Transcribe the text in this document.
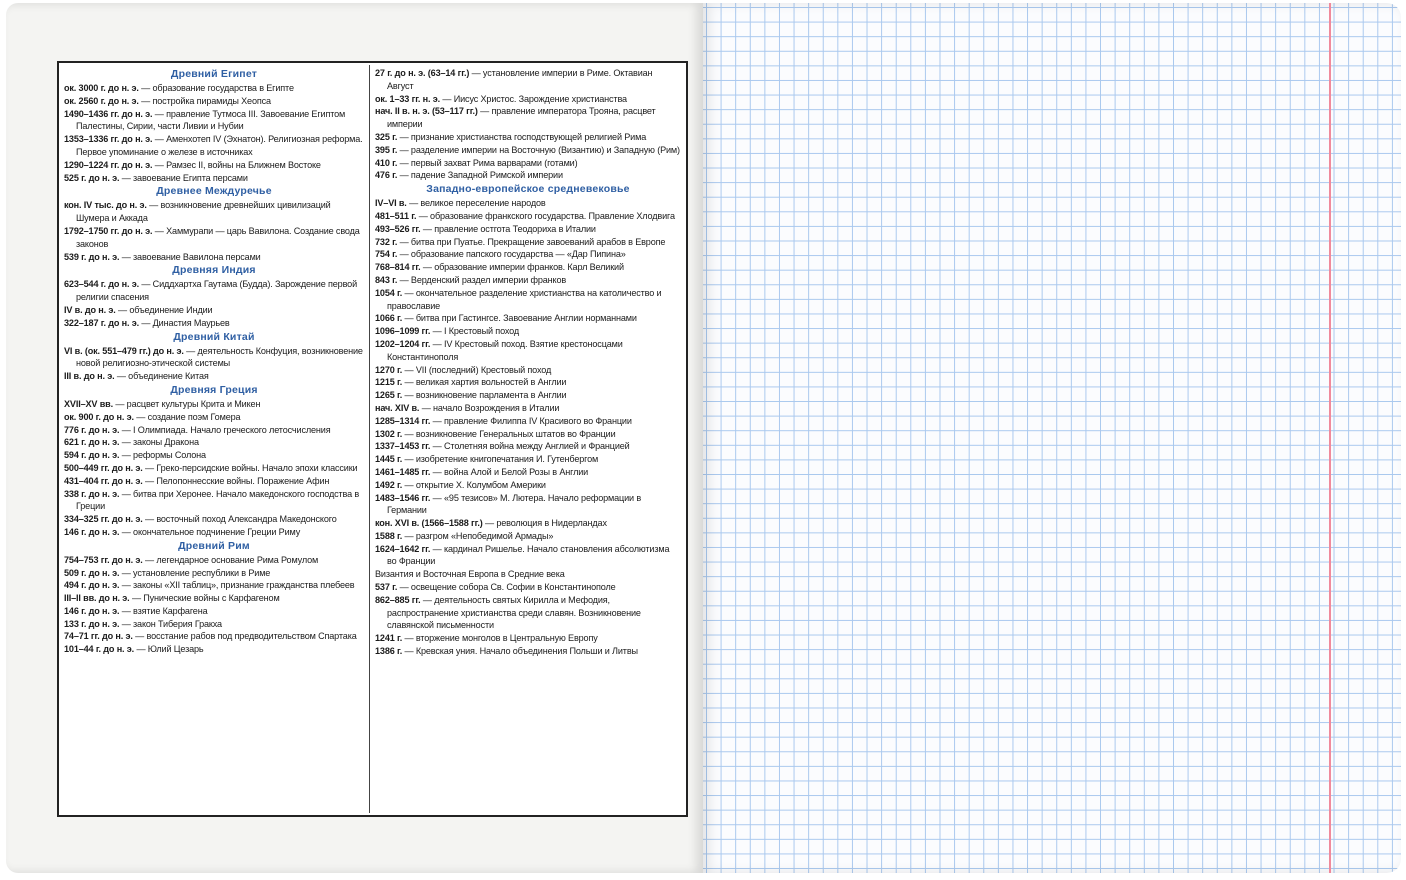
Древний Египет

ок. 3000 г. до н. э. — образование государства в Египте

ок. 2560 г. до н. э. — постройка пирамиды Хеопса

1490–1436 гг. до н. э. — правление Тутмоса III. Завоевание Египтом Палестины, Сирии, части Ливии и Нубии

1353–1336 гг. до н. э. — Аменхотеп IV (Эхнатон). Религиозная реформа. Первое упоминание о железе в источниках

1290–1224 гг. до н. э. — Рамзес II, войны на Ближнем Востоке

525 г. до н. э. — завоевание Египта персами

Древнее Междуречье

кон. IV тыс. до н. э. — возникновение древнейших цивилизаций Шумера и Аккада

1792–1750 гг. до н. э. — Хаммурапи — царь Вавилона. Создание свода законов

539 г. до н. э. — завоевание Вавилона персами

Древняя Индия

623–544 г. до н. э. — Сиддхартха Гаутама (Будда). Зарождение первой религии спасения

IV в. до н. э. — объединение Индии

322–187 г. до н. э. — Династия Маурьев

Древний Китай

VI в. (ок. 551–479 гг.) до н. э. — деятельность Конфуция, возникновение новой религиозно-этической системы

III в. до н. э. — объединение Китая

Древняя Греция

XVII–XV вв. — расцвет культуры Крита и Микен

ок. 900 г. до н. э. — создание поэм Гомера

776 г. до н. э. — I Олимпиада. Начало греческого летосчисления

621 г. до н. э. — законы Дракона

594 г. до н. э. — реформы Солона

500–449 гг. до н. э. — Греко-персидские войны. Начало эпохи классики

431–404 гг. до н. э. — Пелопоннесские войны. Поражение Афин

338 г. до н. э. — битва при Херонее. Начало македонского господства в Греции

334–325 гг. до н. э. — восточный поход Александра Македонского

146 г. до н. э. — окончательное подчинение Греции Риму

Древний Рим

754–753 гг. до н. э. — легендарное основание Рима Ромулом

509 г. до н. э. — установление республики в Риме

494 г. до н. э. — законы «XII таблиц», признание гражданства плебеев

III–II вв. до н. э. — Пунические войны с Карфагеном

146 г. до н. э. — взятие Карфагена

133 г. до н. э. — закон Тиберия Гракха

74–71 гг. до н. э. — восстание рабов под предводительством Спартака

101–44 г. до н. э. — Юлий Цезарь

27 г. до н. э. (63–14 гг.) — установление империи в Риме. Октавиан Август

ок. 1–33 гг. н. э. — Иисус Христос. Зарождение христианства

нач. II в. н. э. (53–117 гг.) — правление императора Трояна, расцвет империи

325 г. — признание христианства господствующей религией Рима

395 г. — разделение империи на Восточную (Византию) и Западную (Рим)

410 г. — первый захват Рима варварами (готами)

476 г. — падение Западной Римской империи

Западно-европейское средневековье

IV–VI в. — великое переселение народов

481–511 г. — образование франкского государства. Правление Хлодвига

493–526 гг. — правление остгота Теодориха в Италии

732 г. — битва при Пуатье. Прекращение завоеваний арабов в Европе

754 г. — образование папского государства — «Дар Пипина»

768–814 гг. — образование империи франков. Карл Великий

843 г. — Верденский раздел империи франков

1054 г. — окончательное разделение христианства на католичество и православие

1066 г. — битва при Гастингсе. Завоевание Англии норманнами

1096–1099 гг. — I Крестовый поход

1202–1204 гг. — IV Крестовый поход. Взятие крестоносцами Константинополя

1270 г. — VII (последний) Крестовый поход

1215 г. — великая хартия вольностей в Англии

1265 г. — возникновение парламента в Англии

нач. XIV в. — начало Возрождения в Италии

1285–1314 гг. — правление Филиппа IV Красивого во Франции

1302 г. — возникновение Генеральных штатов во Франции

1337–1453 гг. — Столетняя война между Англией и Францией

1445 г. — изобретение книгопечатания И. Гутенбергом

1461–1485 гг. — война Алой и Белой Розы в Англии

1492 г. — открытие Х. Колумбом Америки

1483–1546 гг. — «95 тезисов» М. Лютера. Начало реформации в Германии

кон. XVI в. (1566–1588 гг.) — революция в Нидерландах

1588 г. — разгром «Непобедимой Армады»

1624–1642 гг. — кардинал Ришелье. Начало становления абсолютизма во Франции

Византия и Восточная Европа в Средние века

537 г. — освещение собора Св. Софии в Константинополе

862–885 гг. — деятельность святых Кирилла и Мефодия, распространение христианства среди славян. Возникновение славянской письменности

1241 г. — вторжение монголов в Центральную Европу

1386 г. — Кревская уния. Начало объединения Польши и Литвы
